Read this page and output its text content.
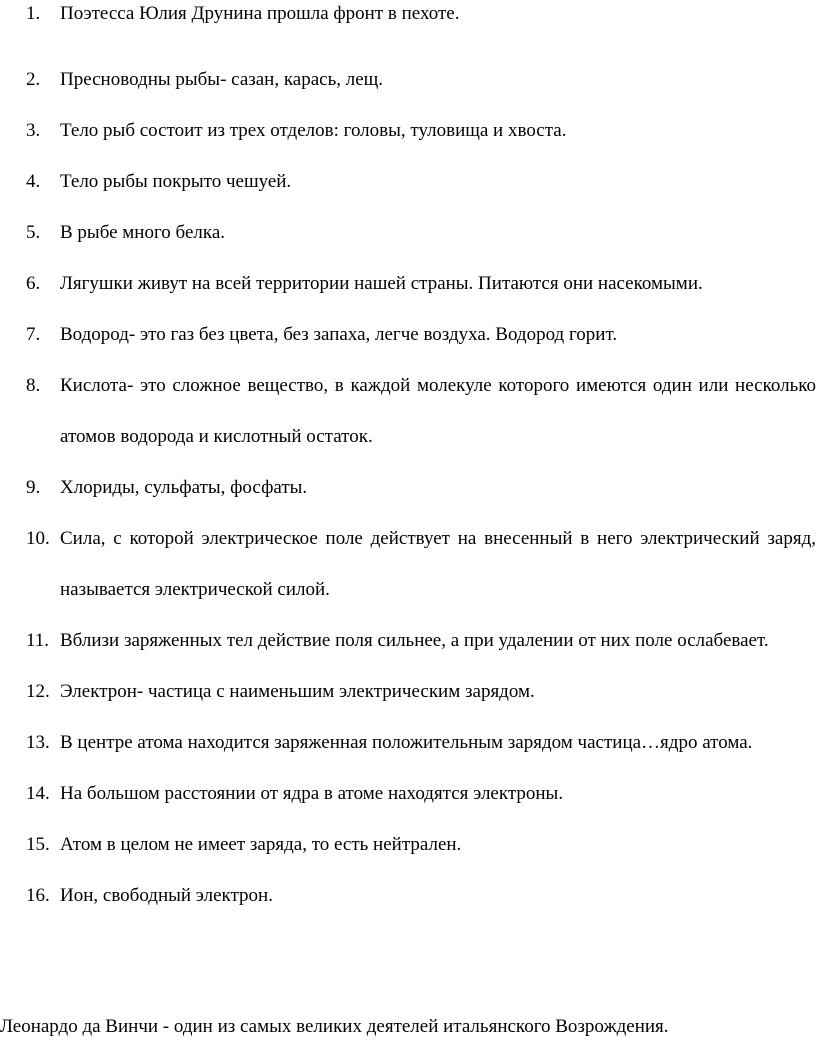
1.	Поэтесса Юлия Друнина прошла фронт в пехоте.
2.	Пресноводны рыбы- сазан, карась, лещ.
3.	Тело рыб состоит из трех отделов: головы, туловища и хвоста.
4.	Тело рыбы покрыто чешуей.
5.	В рыбе много белка.
6.	Лягушки живут на всей территории нашей страны. Питаются они насекомыми.
7.	Водород- это газ без цвета, без запаха, легче воздуха. Водород горит.
8.	Кислота- это сложное вещество, в каждой молекуле которого имеются один или несколько атомов водорода и кислотный остаток.
9.	Хлориды, сульфаты, фосфаты.
10. Сила, с которой электрическое поле действует на внесенный в него электрический заряд, называется электрической силой.
11. Вблизи заряженных тел действие поля сильнее, а при удалении от них поле ослабевает.
12. Электрон- частица с наименьшим электрическим зарядом.
13. В центре атома находится заряженная положительным зарядом частица…ядро атома.
14. На большом расстоянии от ядра в атоме находятся электроны.
15. Атом в целом не имеет заряда, то есть нейтрален.
16. Ион, свободный электрон.
Леонардо да Винчи - один из самых великих деятелей итальянского Возрождения.
